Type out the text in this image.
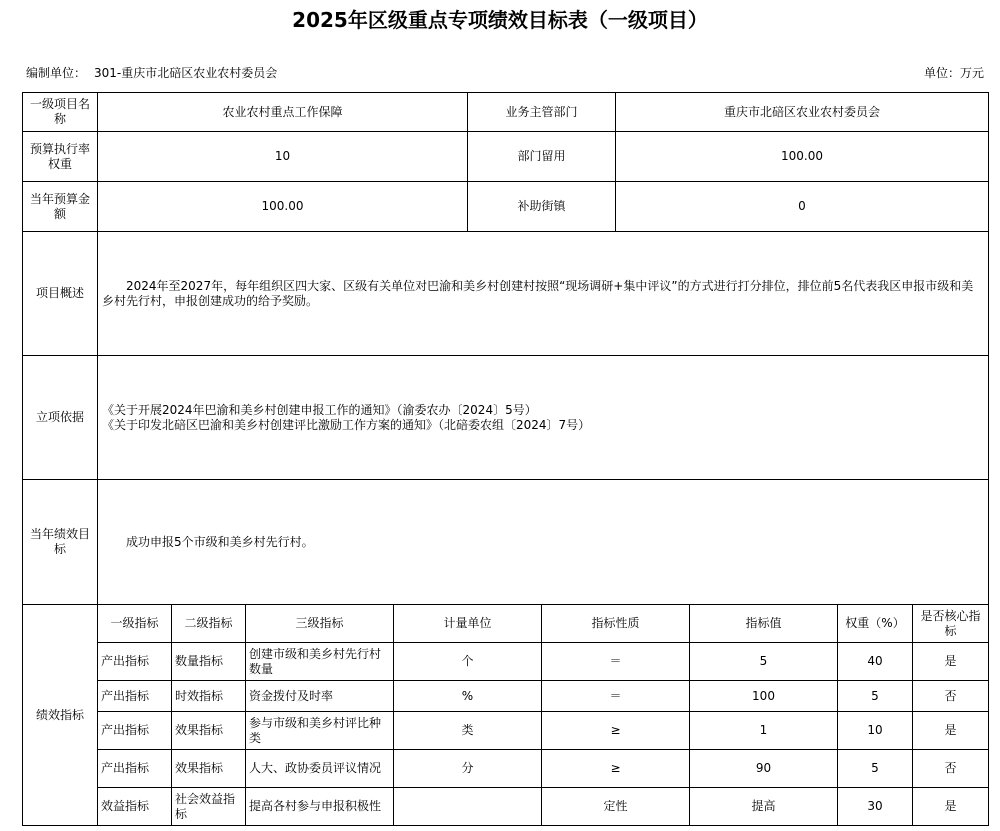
2025年区级重点专项绩效目标表（一级项目）
编制单位： 301-重庆市北碚区农业农村委员会	单位：万元
一级项目名称	农业农村重点工作保障	业务主管部门	重庆市北碚区农业农村委员会
预算执行率权重	10	部门留用	100.00
当年预算金额	100.00	补助街镇	0
项目概述	2024年至2027年，每年组织区四大家、区级有关单位对巴渝和美乡村创建村按照“现场调研+集中评议”的方式进行打分排位，排位前5名代表我区申报市级和美乡村先行村，申报创建成功的给予奖励。		
立项依据	《关于开展2024年巴渝和美乡村创建申报工作的通知》（渝委农办〔2024〕5号）
《关于印发北碚区巴渝和美乡村创建评比激励工作方案的通知》（北碚委农组〔2024〕7号）		

当年绩效目标	成功申报5个市级和美乡村先行村。		
绩效指标	一级指标	二级指标	三级指标	计量单位	指标性质	指标值	权重（%）	是否核心指标
	产出指标	数量指标	创建市级和美乡村先行村数量	个	＝	5	40	是
	产出指标	时效指标	资金拨付及时率	%	＝	100	5	否
	产出指标	效果指标	参与市级和美乡村评比种类	类	≥	1	10	是
	产出指标	效果指标	人大、政协委员评议情况	分	≥	90	5	否
	效益指标	社会效益指标	提高各村参与申报积极性		定性	提高	30	是
